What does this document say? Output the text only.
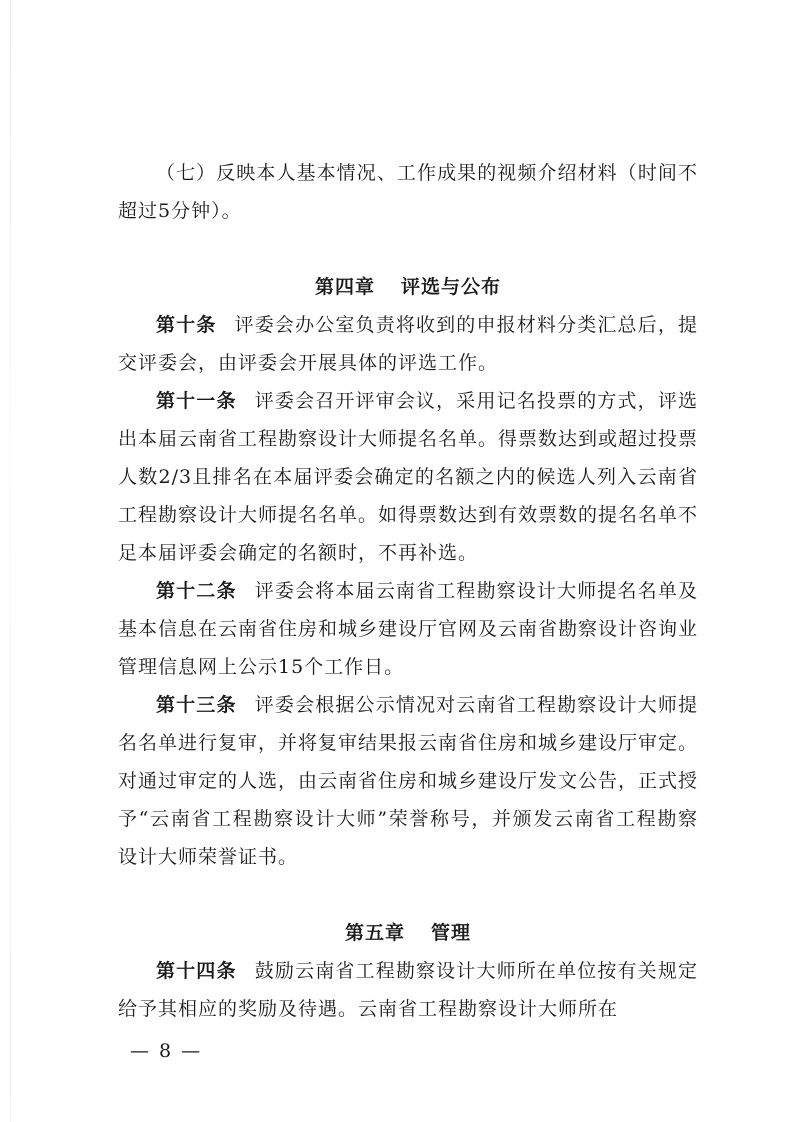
（七）反映本人基本情况、工作成果的视频介绍材料（时间不超过5分钟）。

第四章 评选与公布

第十条 评委会办公室负责将收到的申报材料分类汇总后，提交评委会，由评委会开展具体的评选工作。

第十一条 评委会召开评审会议，采用记名投票的方式，评选出本届云南省工程勘察设计大师提名名单。得票数达到或超过投票人数2/3且排名在本届评委会确定的名额之内的候选人列入云南省工程勘察设计大师提名名单。如得票数达到有效票数的提名名单不足本届评委会确定的名额时，不再补选。

第十二条 评委会将本届云南省工程勘察设计大师提名名单及基本信息在云南省住房和城乡建设厅官网及云南省勘察设计咨询业管理信息网上公示15个工作日。

第十三条 评委会根据公示情况对云南省工程勘察设计大师提名名单进行复审，并将复审结果报云南省住房和城乡建设厅审定。对通过审定的人选，由云南省住房和城乡建设厅发文公告，正式授予“云南省工程勘察设计大师”荣誉称号，并颁发云南省工程勘察设计大师荣誉证书。

第五章 管理

第十四条 鼓励云南省工程勘察设计大师所在单位按有关规定给予其相应的奖励及待遇。云南省工程勘察设计大师所在

— 8 —
